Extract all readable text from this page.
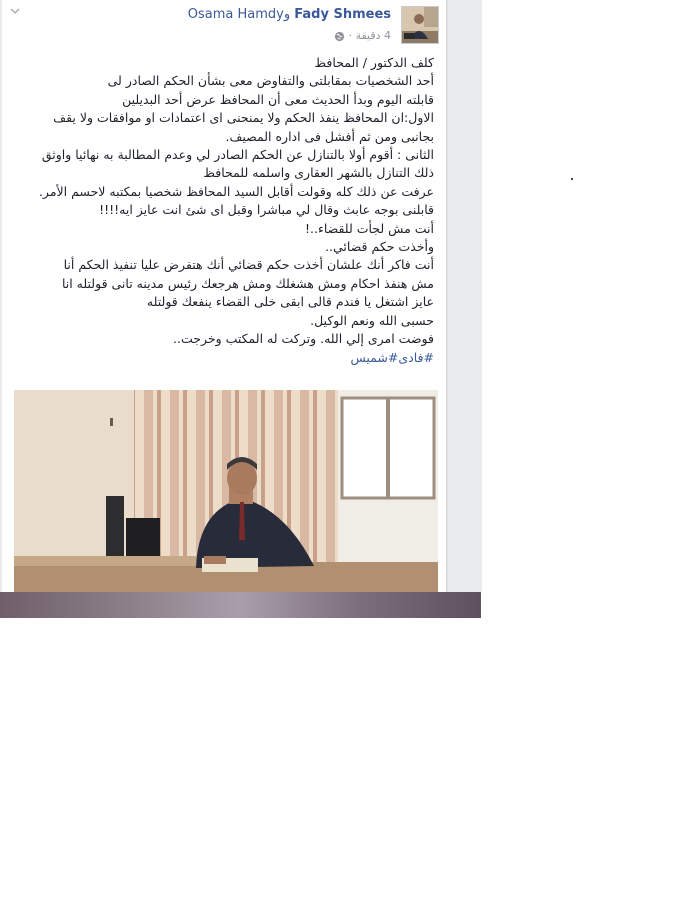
Osama Hamdyو Fady Shmees
4 دقيقة ·
كلف الدكتور / المحافظ
أحد الشخصيات بمقابلتى والتفاوض معى بشأن الحكم الصادر لى
قابلته اليوم وبدأ الحديث معى أن المحافظ عرض أحد البديلين
الاول:ان المحافظ ينفذ الحكم ولا يمنحنى اى اعتمادات او موافقات ولا يقف
بجانبى ومن ثم أفشل فى اداره المصيف.
الثانى : أقوم أولا بالتنازل عن الحكم الصادر لي وعدم المطالبة به نهائيا واوثق
ذلك التنازل بالشهر العقارى واسلمه للمحافظ
عرفت عن ذلك كله وقولت أقابل السيد المحافظ شخصيا بمكتبه لاحسم الأمر.
قابلنى بوجه عابث وقال لي مباشرا وقبل اى شئ انت عايز ايه!!!!
أنت مش لجأت للقضاء..!
وأخذت حكم قضائي..
أنت فاكر أنك علشان أخذت حكم قضائي أنك هتفرض عليا تنفيذ الحكم أنا
مش هنفذ احكام ومش هشغلك ومش هرجعك رئيس مدينه تانى قولتله انا
عايز اشتغل يا فندم قالى ابقى خلى القضاء ينفعك قولتله
حسبى الله ونعم الوكيل.
فوضت امرى إلي الله. وتركت له المكتب وخرجت..
#فادى#شميس
